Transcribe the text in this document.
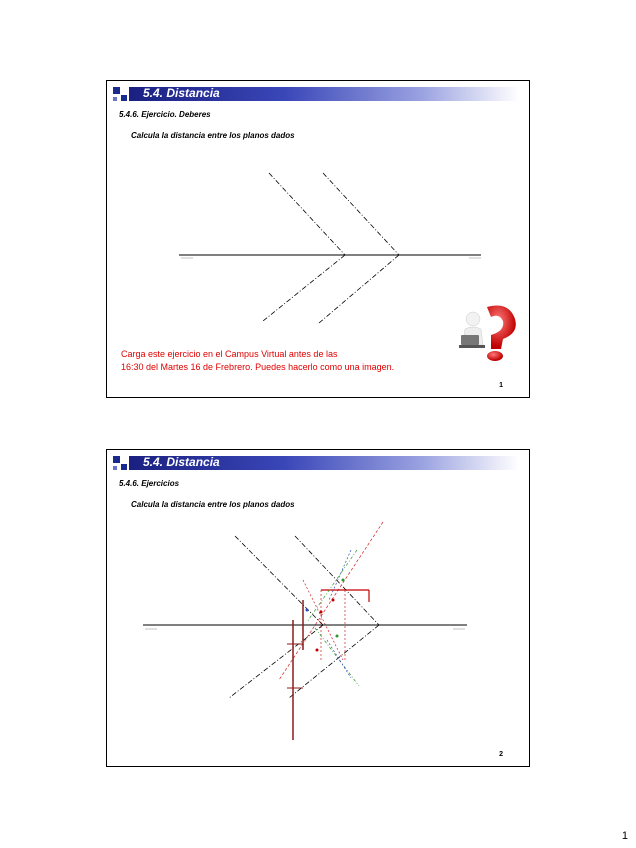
5.4. Distancia
5.4.6. Ejercicio. Deberes
Calcula la distancia entre los planos dados
Carga este ejercicio en el Campus Virtual antes de las
16:30 del Martes 16 de Frebrero. Puedes hacerlo como una imagen.
1
5.4. Distancia
5.4.6. Ejercicios
Calcula la distancia entre los planos dados
2
1
